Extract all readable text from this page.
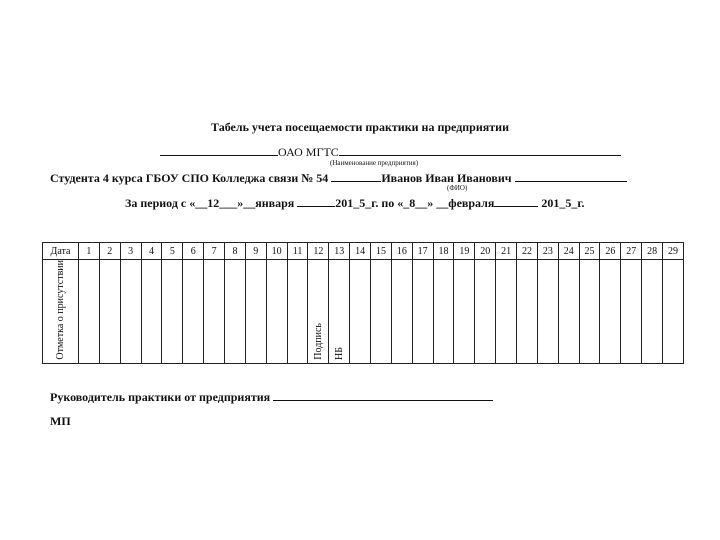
Табель учета посещаемости практики на предприятии
ОАО МГТС
(Наименование предприятия)
Студента 4 курса ГБОУ СПО Колледжа связи № 54	Иванов Иван Иванович
(ФИО)
За период с «__12___»__января	201_5_г. по «_8__» __февраля	201_5_г.
Дата	1	2	3	4	5	6	7	8	9	10	11	12	13	14	15	16	17	18	19	20	21	22	23	24	25	26	27	28	29
Отметка о присутствии												Подпись	НБ																
Руководитель практики от предприятия
МП
